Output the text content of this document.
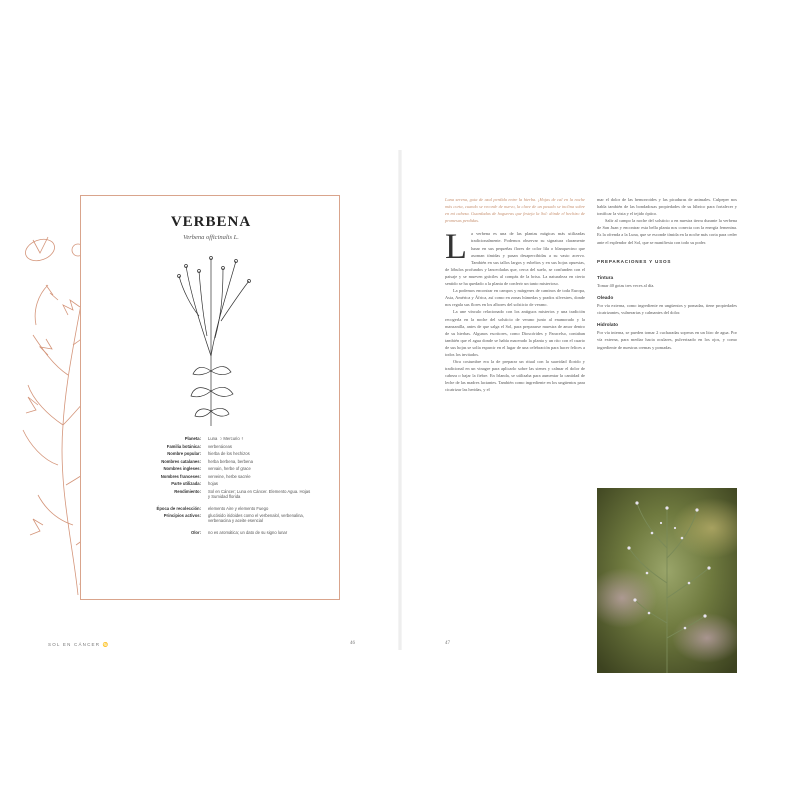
VERBENA
Verbena officinalis L.
Planeta: Luna ☽ Mercurio ☿
Familia botánica: verbenáceas
Nombre popular: hierba de los hechizos
Nombres catalanes: herba berbena, berbena
Nombres ingleses: vervain, herbe of grace
Nombres franceses: verveine, herbe sacrée
Parte utilizada: hojas
Rendimiento: Sol en Cáncer; Luna en Cáncer. Elemento Agua. Hojas y Sumidad florida
Época de recolección: elemento Aire y elemento Fuego
Principios activos: glucósido iridoides como el verbenalol, verbenalina, verbenacina y aceite esencial
Olor: no es aromática; un dato de su signo lunar
SOL EN CÁNCER ♋	46	47
Luna serena, gota de azul perdida entre la hierba. ¡Hojas de cal en la noche más corta, cuando se recorde de nuevo, la clave de un pasado se inclina sobre en mi cabeza. Guardadas de hogueras que festeja la Sol: dónde el hechizo de promesas perdidas.
L a verbena es una de las plantas mágicas más utilizadas tradicionalmente. Podemos observar su signatura claramente lunar en sus pequeñas flores de color lila o blanquecino que asoman tímidas y pasan desapercibidas a su vasto acervo. También en sus tallos largos y esbeltos y en sus hojas opuestas, de lóbulos profundos y lanceoladas que, cerca del suelo, se confunden con el paisaje y se mueven gráciles al compás de la brisa. La naturaleza en cierto sentido se ha quedado a la planta de conferir un tanto misterioso.

La podemos encontrar en campos y márgenes de caminos de toda Europa, Asia, América y África, así como en zonas húmedas y prados silvestres, donde nos regala sus flores en los albores del solsticio de verano.

La une vínculo relacionado con los antiguos misterios y una tradición recogerla en la noche del solsticio de verano junto al enamorado y la manzanilla, antes de que salga el Sol, para prepararse muestra de amor dentro de su hierbas. Algunos escritores, como Dioscórides y Paracelso, contaban también que el agua donde se había macerado la planta y un rito con el cuarto de sus hojas se solía esparcir en el lugar de una celebración para hacer felices a todos los invitados.

Otra costumbre era la de preparar un ritual con la suavidad florido y tradicional en un vinagre para aplicarlo sobre las sienes y calmar el dolor de cabeza o bajar la fiebre. En Irlanda, se utilizaba para aumentar la cantidad de leche de las madres lactantes. También como ingrediente en los ungüentos para cicatrizar las heridas, y el

mar el dolor de las hemorroides y las picaduras de animales. Culpeper nos habla también de las bondadosas propiedades de su lúbrico para fortalecer y tonificar la vista y el tejido óptico.

Salir al campo la noche del solsticio a en nuestra tierra durante la verbena de San Juan y encontrar esta bella planta nos conecta con la energía femenina. Es la ofrenda a la Luna, que se esconde tímida en la noche más corta para ceder ante el esplendor del Sol, que se manifiesta con todo su poder.

PREPARACIONES Y USOS
Tintura
Tomar 40 gotas tres veces al día.
Oleado
Por vía externa, como ingrediente en ungüentos y pomadas, tiene propiedades cicatrizantes, vulnerarias y calmantes del dolor.
Hidrolato
Por vía interna, se pueden tomar 2 cucharadas soperas en un litro de agua. Por vía externa, para mediar hacia oculares, pulverizado en los ojos, y como ingrediente de nuestras cremas y pomadas.
